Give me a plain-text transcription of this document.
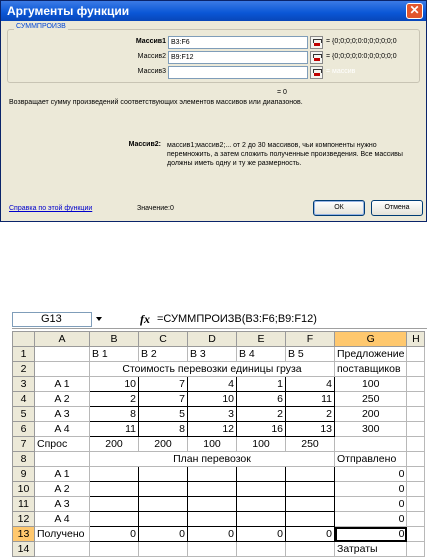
Аргументы функции	✕
СУММПРОИЗВ
Массив1 B3:F6	= {0;0;0;0;0:0;0;0;0;0;0
Массив2 B9:F12	= {0;0;0;0;0:0;0;0;0;0;0
Массив3	= массив
= 0
Возвращает сумму произведений соответствующих элементов массивов или диапазонов.
Массив2: массив1;массив2;... от 2 до 30 массивов, чьи компоненты нужно перемножить, а затем сложить полученные произведения. Все массивы должны иметь одну и ту же размерность.
Справка по этой функции	Значение:0	ОК	Отмена
G13	fx =СУММПРОИЗВ(B3:F6;B9:F12)
	A	B	C	D	E	F	G	H
1		B 1	B 2	B 3	B 4	B 5	Предложение	
2		Стоимость перевозки единицы груза					поставщиков	
3	A 1	10	7	4	1	4	100	
4	A 2	2	7	10	6	11	250	
5	A 3	8	5	3	2	2	200	
6	A 4	11	8	12	16	13	300	
7	Спрос	200	200	100	100	250		
8		План перевозок					Отправлено	
9	A 1						0	
10	A 2						0	
11	A 3						0	
12	A 4						0	
13	Получено	0	0	0	0	0	0	
14							Затраты	
